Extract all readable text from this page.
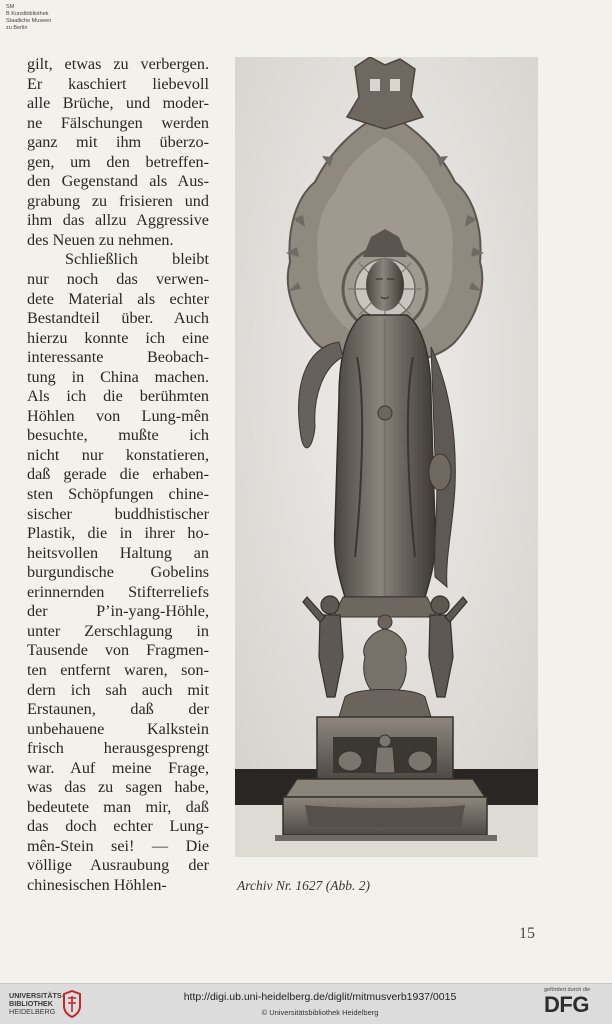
SM
B Kunstbibliothek
Staatliche Museen
zu Berlin
gilt, etwas zu verbergen.
Er kaschiert liebevoll
alle Brüche, und moder-
ne Fälschungen werden
ganz mit ihm überzo-
gen, um den betreffen-
den Gegenstand als Aus-
grabung zu frisieren und
ihm das allzu Aggressive
des Neuen zu nehmen.
Schließlich bleibt
nur noch das verwen-
dete Material als echter
Bestandteil über. Auch
hierzu konnte ich eine
interessante Beobach-
tung in China machen.
Als ich die berühmten
Höhlen von Lung-mên
besuchte, mußte ich
nicht nur konstatieren,
daß gerade die erhaben-
sten Schöpfungen chine-
sischer buddhistischer
Plastik, die in ihrer ho-
heitsvollen Haltung an
burgundische Gobelins
erinnernden Stifterreliefs
der P’in-yang-Höhle,
unter Zerschlagung in
Tausende von Fragmen-
ten entfernt waren, son-
dern ich sah auch mit
Erstaunen, daß der
unbehauene Kalkstein
frisch herausgesprengt
war. Auf meine Frage,
was das zu sagen habe,
bedeutete man mir, daß
das doch echter Lung-
mên-Stein sei! — Die
völlige Ausraubung der
chinesischen Höhlen-	Archiv Nr. 1627 (Abb. 2)
15
UNIVERSITÄTS-
BIBLIOTHEK
HEIDELBERG
http://digi.ub.uni-heidelberg.de/diglit/mitmusverb1937/0015
© Universitätsbibliothek Heidelberg
gefördert durch die
DFG
